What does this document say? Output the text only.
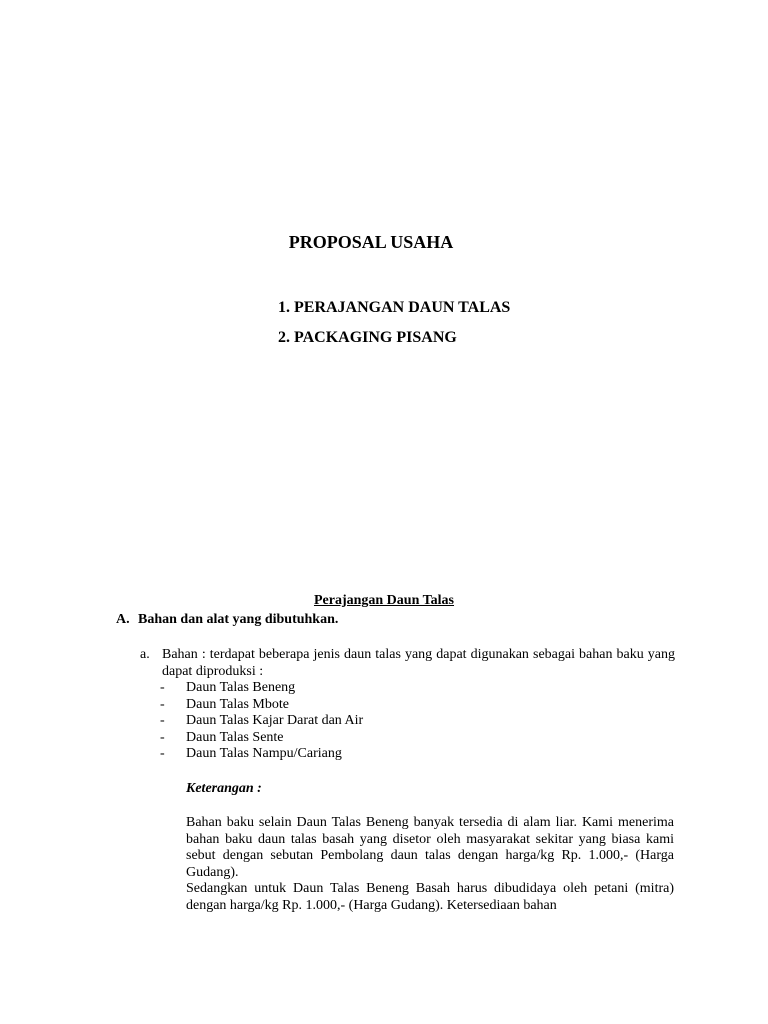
PROPOSAL USAHA
1. PERAJANGAN DAUN TALAS
2. PACKAGING PISANG
Perajangan Daun Talas
A. Bahan dan alat yang dibutuhkan.
a. Bahan : terdapat beberapa jenis daun talas yang dapat digunakan sebagai bahan baku yang dapat diproduksi :
- Daun Talas Beneng
- Daun Talas Mbote
- Daun Talas Kajar Darat dan Air
- Daun Talas Sente
- Daun Talas Nampu/Cariang
Keterangan :
Bahan baku selain Daun Talas Beneng banyak tersedia di alam liar. Kami menerima bahan baku daun talas basah yang disetor oleh masyarakat sekitar yang biasa kami sebut dengan sebutan Pembolang daun talas dengan harga/kg Rp. 1.000,- (Harga Gudang).
Sedangkan untuk Daun Talas Beneng Basah harus dibudidaya oleh petani (mitra) dengan harga/kg Rp. 1.000,- (Harga Gudang). Ketersediaan bahan
